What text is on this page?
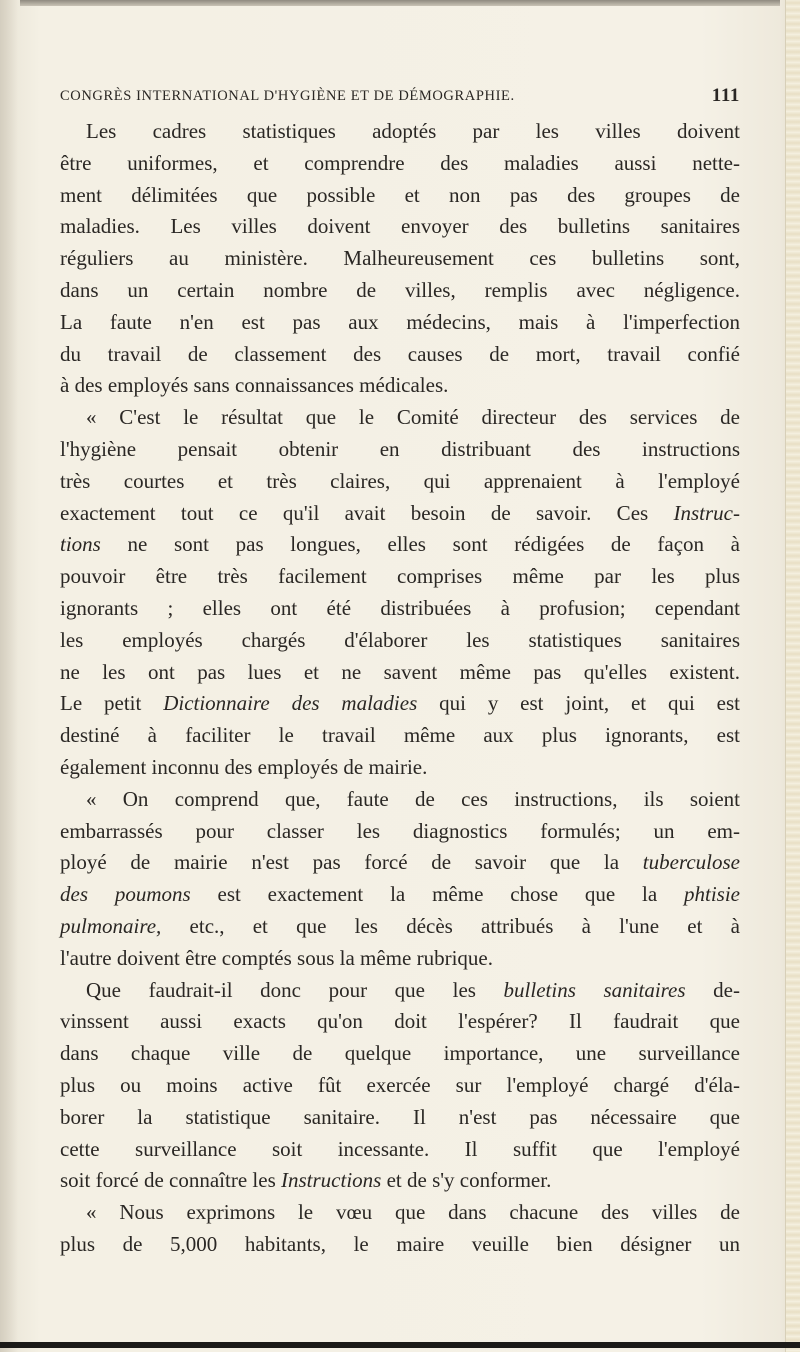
CONGRÈS INTERNATIONAL D'HYGIÈNE ET DE DÉMOGRAPHIE.	111

Les cadres statistiques adoptés par les villes doivent
être uniformes, et comprendre des maladies aussi nette-
ment délimitées que possible et non pas des groupes de
maladies. Les villes doivent envoyer des bulletins sanitaires
réguliers au ministère. Malheureusement ces bulletins sont,
dans un certain nombre de villes, remplis avec négligence.
La faute n'en est pas aux médecins, mais à l'imperfection
du travail de classement des causes de mort, travail confié
à des employés sans connaissances médicales.

« C'est le résultat que le Comité directeur des services de
l'hygiène pensait obtenir en distribuant des instructions
très courtes et très claires, qui apprenaient à l'employé
exactement tout ce qu'il avait besoin de savoir. Ces Instruc-
tions ne sont pas longues, elles sont rédigées de façon à
pouvoir être très facilement comprises même par les plus
ignorants ; elles ont été distribuées à profusion; cependant
les employés chargés d'élaborer les statistiques sanitaires
ne les ont pas lues et ne savent même pas qu'elles existent.
Le petit Dictionnaire des maladies qui y est joint, et qui est
destiné à faciliter le travail même aux plus ignorants, est
également inconnu des employés de mairie.

« On comprend que, faute de ces instructions, ils soient
embarrassés pour classer les diagnostics formulés; un em-
ployé de mairie n'est pas forcé de savoir que la tuberculose
des poumons est exactement la même chose que la phtisie
pulmonaire, etc., et que les décès attribués à l'une et à
l'autre doivent être comptés sous la même rubrique.

Que faudrait-il donc pour que les bulletins sanitaires de-
vinssent aussi exacts qu'on doit l'espérer? Il faudrait que
dans chaque ville de quelque importance, une surveillance
plus ou moins active fût exercée sur l'employé chargé d'éla-
borer la statistique sanitaire. Il n'est pas nécessaire que
cette surveillance soit incessante. Il suffit que l'employé
soit forcé de connaître les Instructions et de s'y conformer.

« Nous exprimons le vœu que dans chacune des villes de
plus de 5,000 habitants, le maire veuille bien désigner un
